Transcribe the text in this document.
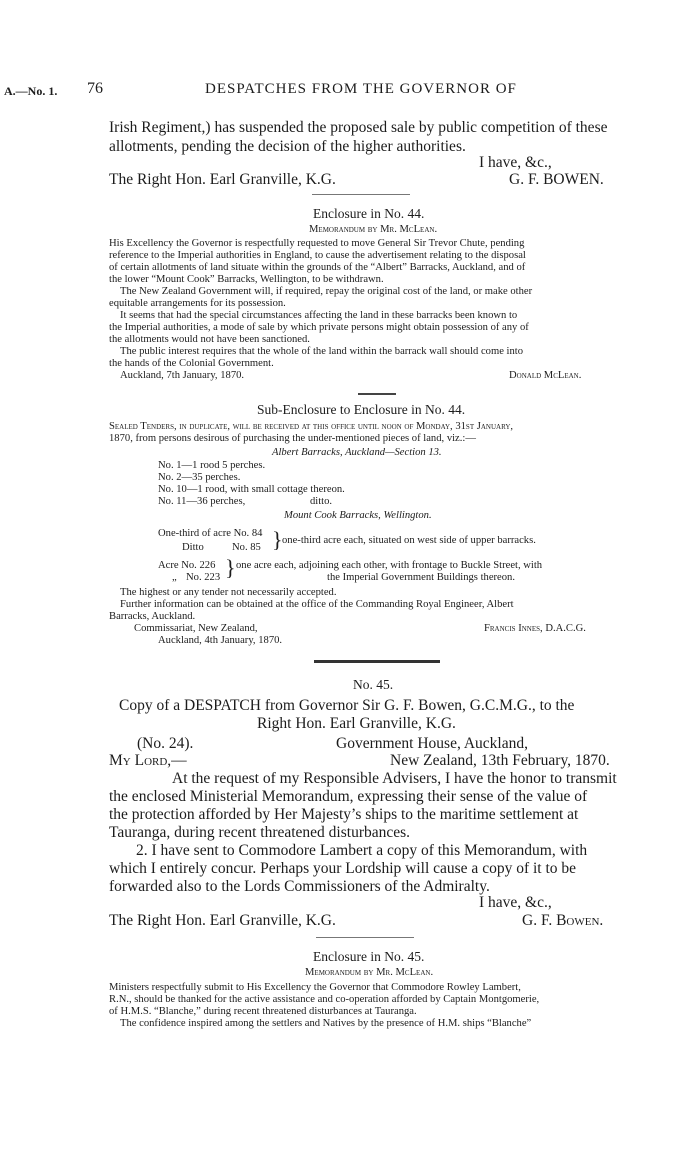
A.—No. 1. 76	DESPATCHES FROM THE GOVERNOR OF
Irish Regiment,) has suspended the proposed sale by public competition of these
allotments, pending the decision of the higher authorities.
I have, &c.,
The Right Hon. Earl Granville, K.G.	G. F. BOWEN.
Enclosure in No. 44.
Memorandum by Mr. McLean.
His Excellency the Governor is respectfully requested to move General Sir Trevor Chute, pending
reference to the Imperial authorities in England, to cause the advertisement relating to the disposal
of certain allotments of land situate within the grounds of the “Albert” Barracks, Auckland, and of
the lower “Mount Cook” Barracks, Wellington, to be withdrawn.
The New Zealand Government will, if required, repay the original cost of the land, or make other
equitable arrangements for its possession.
It seems that had the special circumstances affecting the land in these barracks been known to
the Imperial authorities, a mode of sale by which private persons might obtain possession of any of
the allotments would not have been sanctioned.
The public interest requires that the whole of the land within the barrack wall should come into
the hands of the Colonial Government.
Auckland, 7th January, 1870.	Donald McLean.
Sub-Enclosure to Enclosure in No. 44.
Sealed Tenders, in duplicate, will be received at this office until noon of Monday, 31st January,
1870, from persons desirous of purchasing the under-mentioned pieces of land, viz.:—
Albert Barracks, Auckland—Section 13.
No. 1—1 rood 5 perches.
No. 2—35 perches.
No. 10—1 rood, with small cottage thereon.
No. 11—36 perches,	ditto.
Mount Cook Barracks, Wellington.
One-third of acre No. 84
Ditto	No. 85 } one-third acre each, situated on west side of upper barracks.
Acre No. 226
„ No. 223 } one acre each, adjoining each other, with frontage to Buckle Street, with
the Imperial Government Buildings thereon.
The highest or any tender not necessarily accepted.
Further information can be obtained at the office of the Commanding Royal Engineer, Albert
Barracks, Auckland.
Commissariat, New Zealand,	Francis Innes, D.A.C.G.
Auckland, 4th January, 1870.
No. 45.
Copy of a DESPATCH from Governor Sir G. F. Bowen, G.C.M.G., to the
Right Hon. Earl Granville, K.G.
(No. 24).	Government House, Auckland,
My Lord,—	New Zealand, 13th February, 1870.
At the request of my Responsible Advisers, I have the honor to transmit
the enclosed Ministerial Memorandum, expressing their sense of the value of
the protection afforded by Her Majesty’s ships to the maritime settlement at
Tauranga, during recent threatened disturbances.
2. I have sent to Commodore Lambert a copy of this Memorandum, with
which I entirely concur. Perhaps your Lordship will cause a copy of it to be
forwarded also to the Lords Commissioners of the Admiralty.
I have, &c.,
The Right Hon. Earl Granville, K.G.	G. F. Bowen.
Enclosure in No. 45.
Memorandum by Mr. McLean.
Ministers respectfully submit to His Excellency the Governor that Commodore Rowley Lambert,
R.N., should be thanked for the active assistance and co-operation afforded by Captain Montgomerie,
of H.M.S. “Blanche,” during recent threatened disturbances at Tauranga.
The confidence inspired among the settlers and Natives by the presence of H.M. ships “Blanche”
